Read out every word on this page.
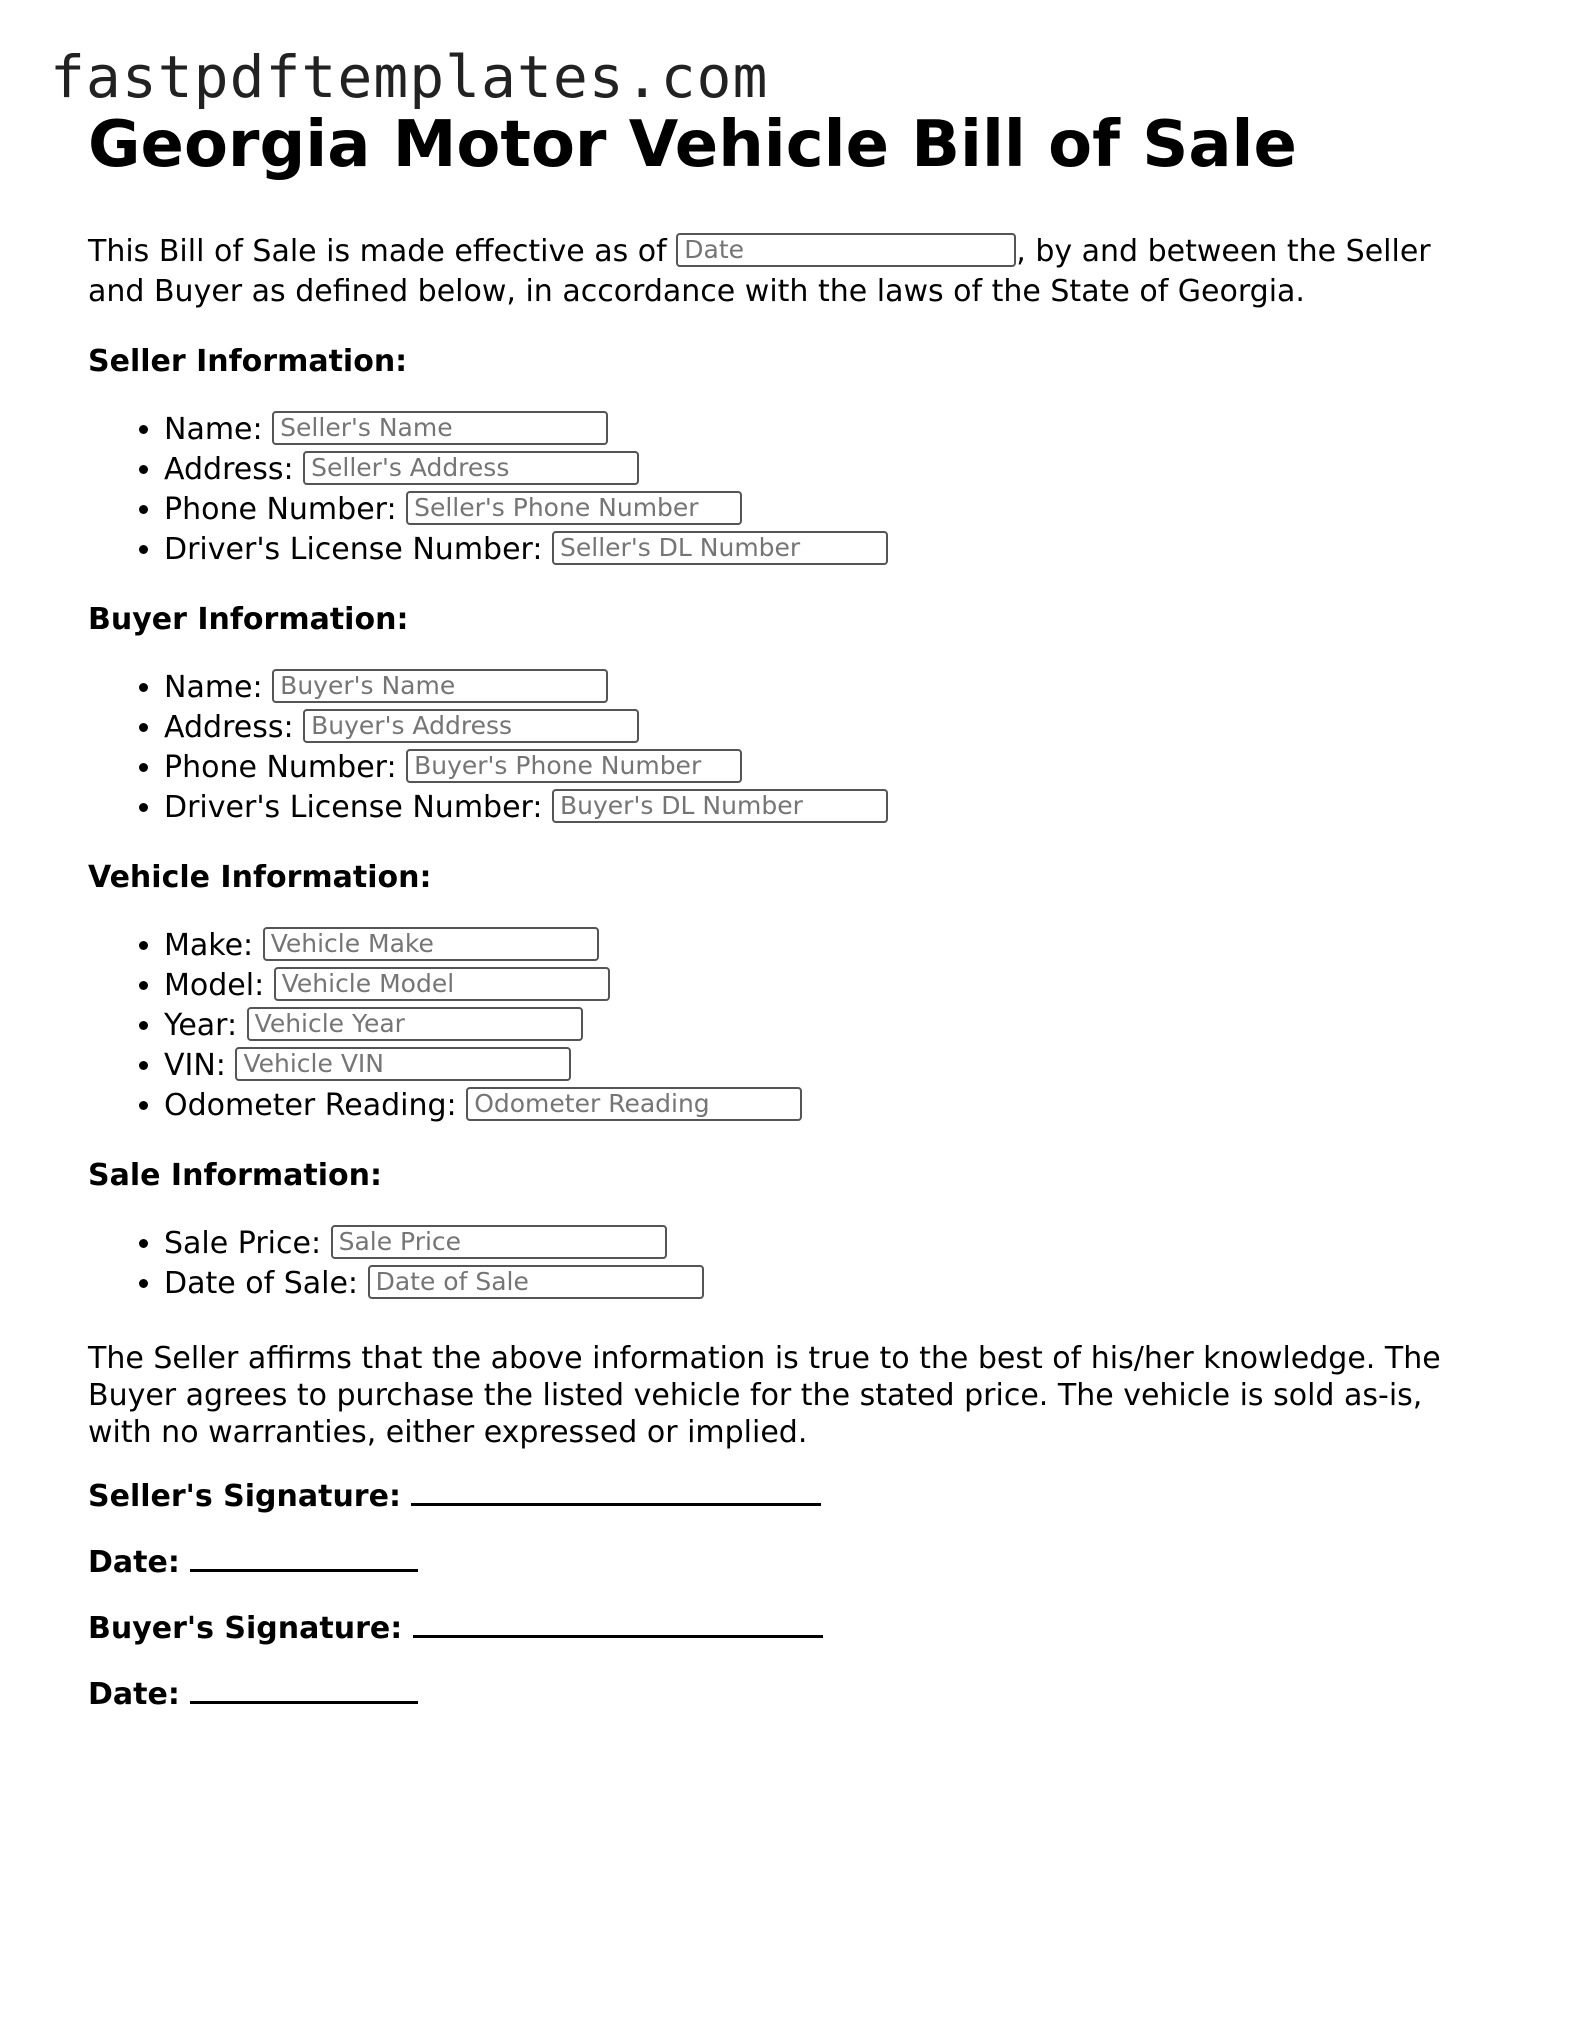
fastpdftemplates.com
Georgia Motor Vehicle Bill of Sale

This Bill of Sale is made effective as of Date	, by and between the Seller and Buyer as defined below, in accordance with the laws of the State of Georgia.

Seller Information:
• Name: Seller's Name
• Address: Seller's Address
• Phone Number: Seller's Phone Number
• Driver's License Number: Seller's DL Number
Buyer Information:
• Name: Buyer's Name
• Address: Buyer's Address
• Phone Number: Buyer's Phone Number
• Driver's License Number: Buyer's DL Number
Vehicle Information:
• Make: Vehicle Make
• Model: Vehicle Model
• Year: Vehicle Year
• VIN: Vehicle VIN
• Odometer Reading: Odometer Reading
Sale Information:
• Sale Price: Sale Price
• Date of Sale: Date of Sale

The Seller affirms that the above information is true to the best of his/her knowledge. The Buyer agrees to purchase the listed vehicle for the stated price. The vehicle is sold as-is, with no warranties, either expressed or implied.

Seller's Signature:
Date:
Buyer's Signature:
Date:
